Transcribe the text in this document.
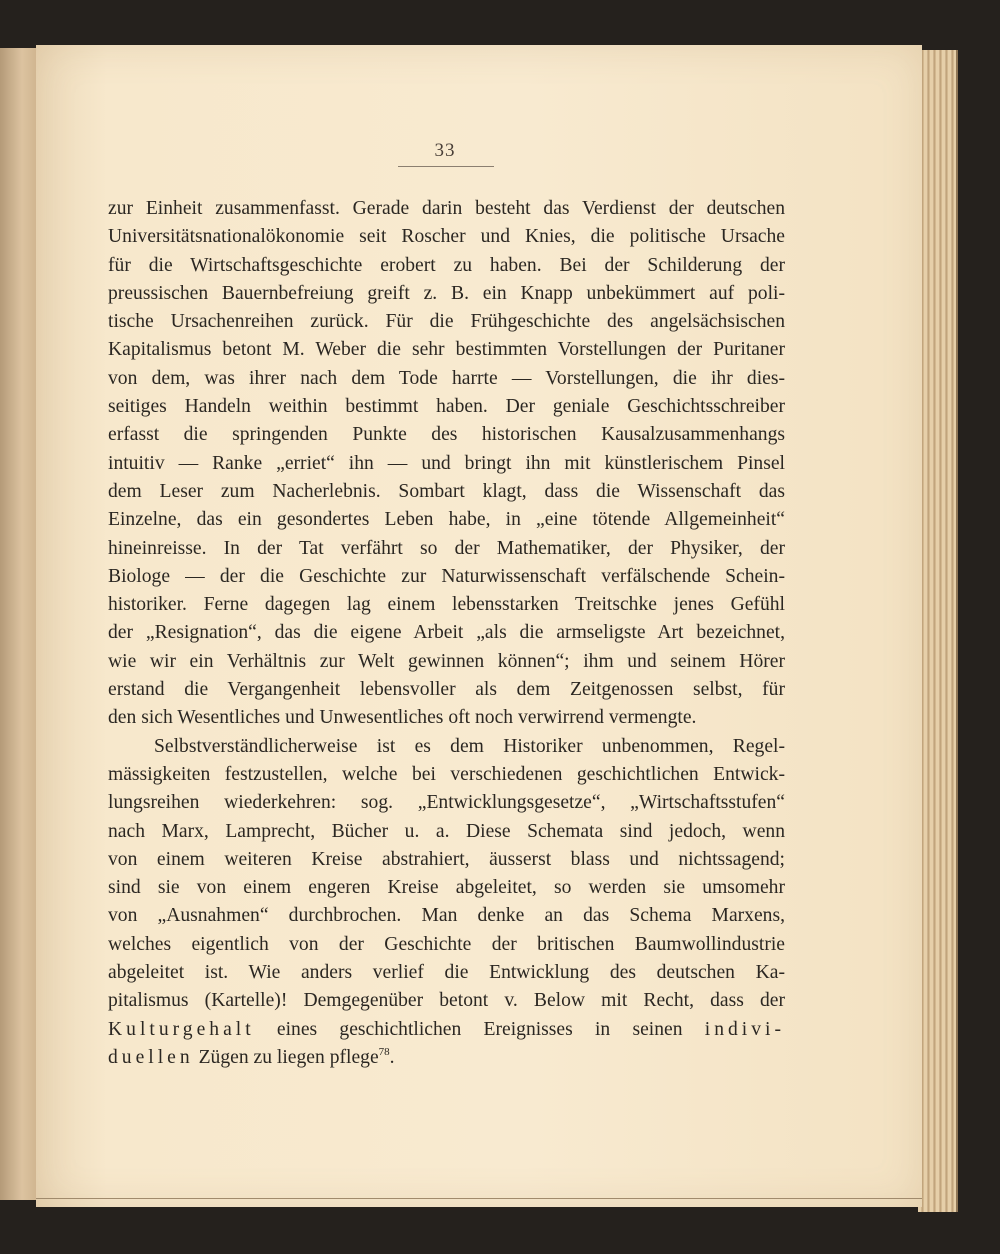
33
zur Einheit zusammenfasst. Gerade darin besteht das Verdienst der deutschen
Universitätsnationalökonomie seit Roscher und Knies, die politische Ursache
für die Wirtschaftsgeschichte erobert zu haben. Bei der Schilderung der
preussischen Bauernbefreiung greift z. B. ein Knapp unbekümmert auf poli-
tische Ursachenreihen zurück. Für die Frühgeschichte des angelsächsischen
Kapitalismus betont M. Weber die sehr bestimmten Vorstellungen der Puritaner
von dem, was ihrer nach dem Tode harrte — Vorstellungen, die ihr dies-
seitiges Handeln weithin bestimmt haben. Der geniale Geschichtsschreiber
erfasst die springenden Punkte des historischen Kausalzusammenhangs
intuitiv — Ranke „erriet“ ihn — und bringt ihn mit künstlerischem Pinsel
dem Leser zum Nacherlebnis. Sombart klagt, dass die Wissenschaft das
Einzelne, das ein gesondertes Leben habe, in „eine tötende Allgemeinheit“
hineinreisse. In der Tat verfährt so der Mathematiker, der Physiker, der
Biologe — der die Geschichte zur Naturwissenschaft verfälschende Schein-
historiker. Ferne dagegen lag einem lebensstarken Treitschke jenes Gefühl
der „Resignation“, das die eigene Arbeit „als die armseligste Art bezeichnet,
wie wir ein Verhältnis zur Welt gewinnen können“; ihm und seinem Hörer
erstand die Vergangenheit lebensvoller als dem Zeitgenossen selbst, für
den sich Wesentliches und Unwesentliches oft noch verwirrend vermengte.
Selbstverständlicherweise ist es dem Historiker unbenommen, Regel-
mässigkeiten festzustellen, welche bei verschiedenen geschichtlichen Entwick-
lungsreihen wiederkehren: sog. „Entwicklungsgesetze“, „Wirtschaftsstufen“
nach Marx, Lamprecht, Bücher u. a. Diese Schemata sind jedoch, wenn
von einem weiteren Kreise abstrahiert, äusserst blass und nichtssagend;
sind sie von einem engeren Kreise abgeleitet, so werden sie umsomehr
von „Ausnahmen“ durchbrochen. Man denke an das Schema Marxens,
welches eigentlich von der Geschichte der britischen Baumwollindustrie
abgeleitet ist. Wie anders verlief die Entwicklung des deutschen Ka-
pitalismus (Kartelle)! Demgegenüber betont v. Below mit Recht, dass der
Kulturgehalt eines geschichtlichen Ereignisses in seinen indivi-
duellen Zügen zu liegen pflege$^{78}$.
